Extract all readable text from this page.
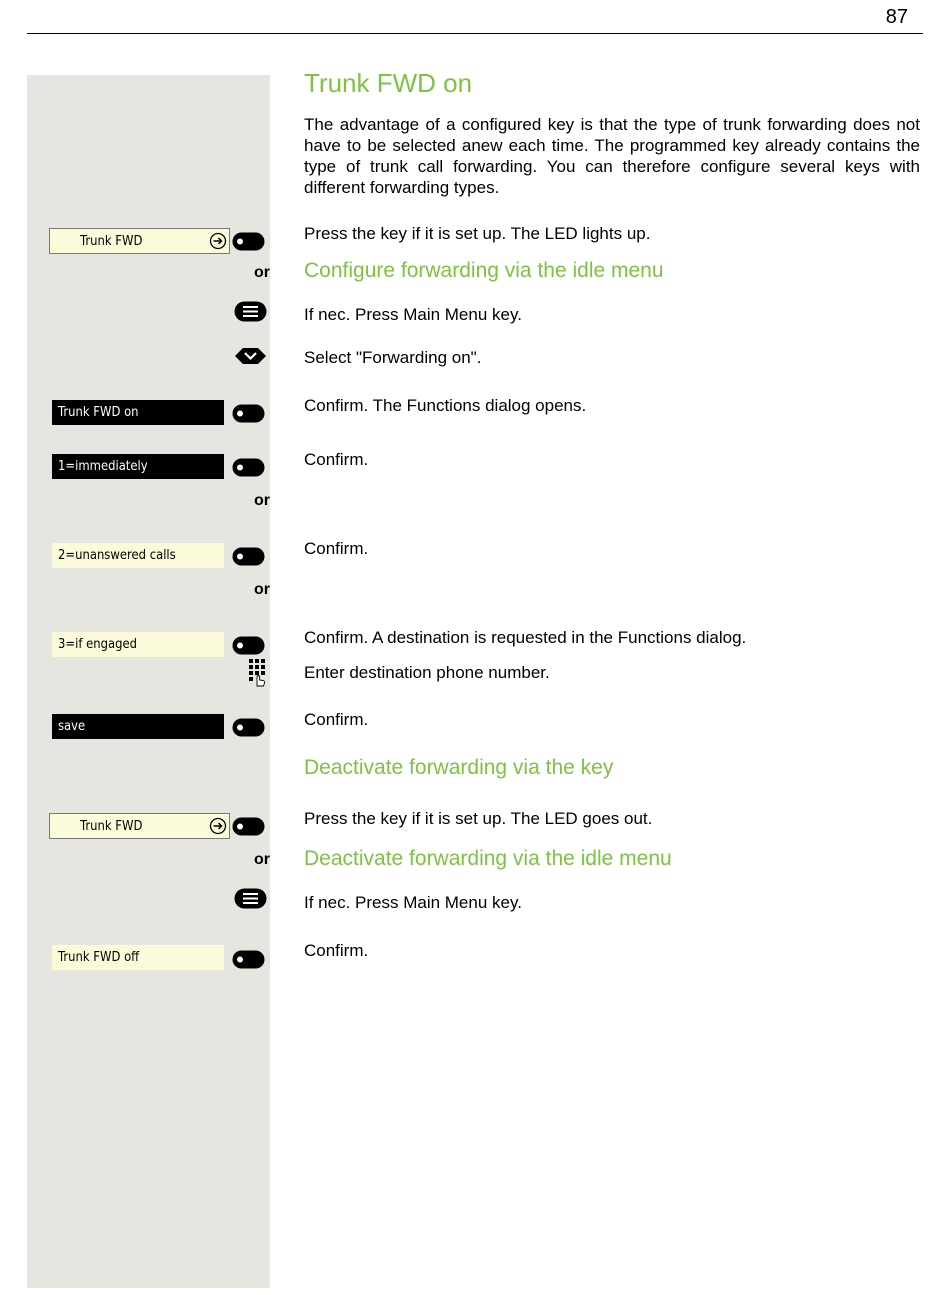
87
Trunk FWD on
The advantage of a configured key is that the type of trunk forwarding does not have to be selected anew each time. The programmed key already contains the type of trunk call forwarding. You can therefore configure several keys with different forwarding types.
Press the key if it is set up. The LED lights up.
Configure forwarding via the idle menu
If nec. Press Main Menu key.
Select "Forwarding on".
Confirm. The Functions dialog opens.
Confirm.
Confirm.
Confirm. A destination is requested in the Functions dialog.
Enter destination phone number.
Confirm.
Deactivate forwarding via the key
Press the key if it is set up. The LED goes out.
Deactivate forwarding via the idle menu
If nec. Press Main Menu key.
Confirm.
or
or
or
or
Trunk FWD
Trunk FWD on
1=immediately
2=unanswered calls
3=if engaged
save
Trunk FWD
Trunk FWD off
